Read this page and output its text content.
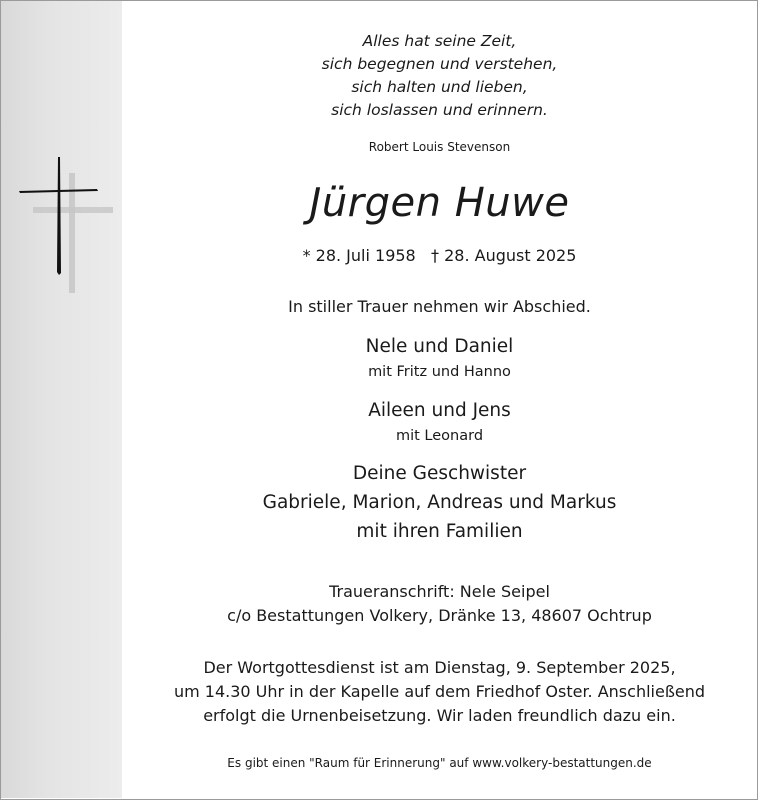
Alles hat seine Zeit,
sich begegnen und verstehen,
sich halten und lieben,
sich loslassen und erinnern.
Robert Louis Stevenson
Jürgen Huwe
* 28. Juli 1958 † 28. August 2025
In stiller Trauer nehmen wir Abschied.
Nele und Daniel
mit Fritz und Hanno
Aileen und Jens
mit Leonard
Deine Geschwister
Gabriele, Marion, Andreas und Markus
mit ihren Familien
Traueranschrift: Nele Seipel
c/o Bestattungen Volkery, Dränke 13, 48607 Ochtrup
Der Wortgottesdienst ist am Dienstag, 9. September 2025,
um 14.30 Uhr in der Kapelle auf dem Friedhof Oster. Anschließend
erfolgt die Urnenbeisetzung. Wir laden freundlich dazu ein.
Es gibt einen "Raum für Erinnerung" auf www.volkery-bestattungen.de
